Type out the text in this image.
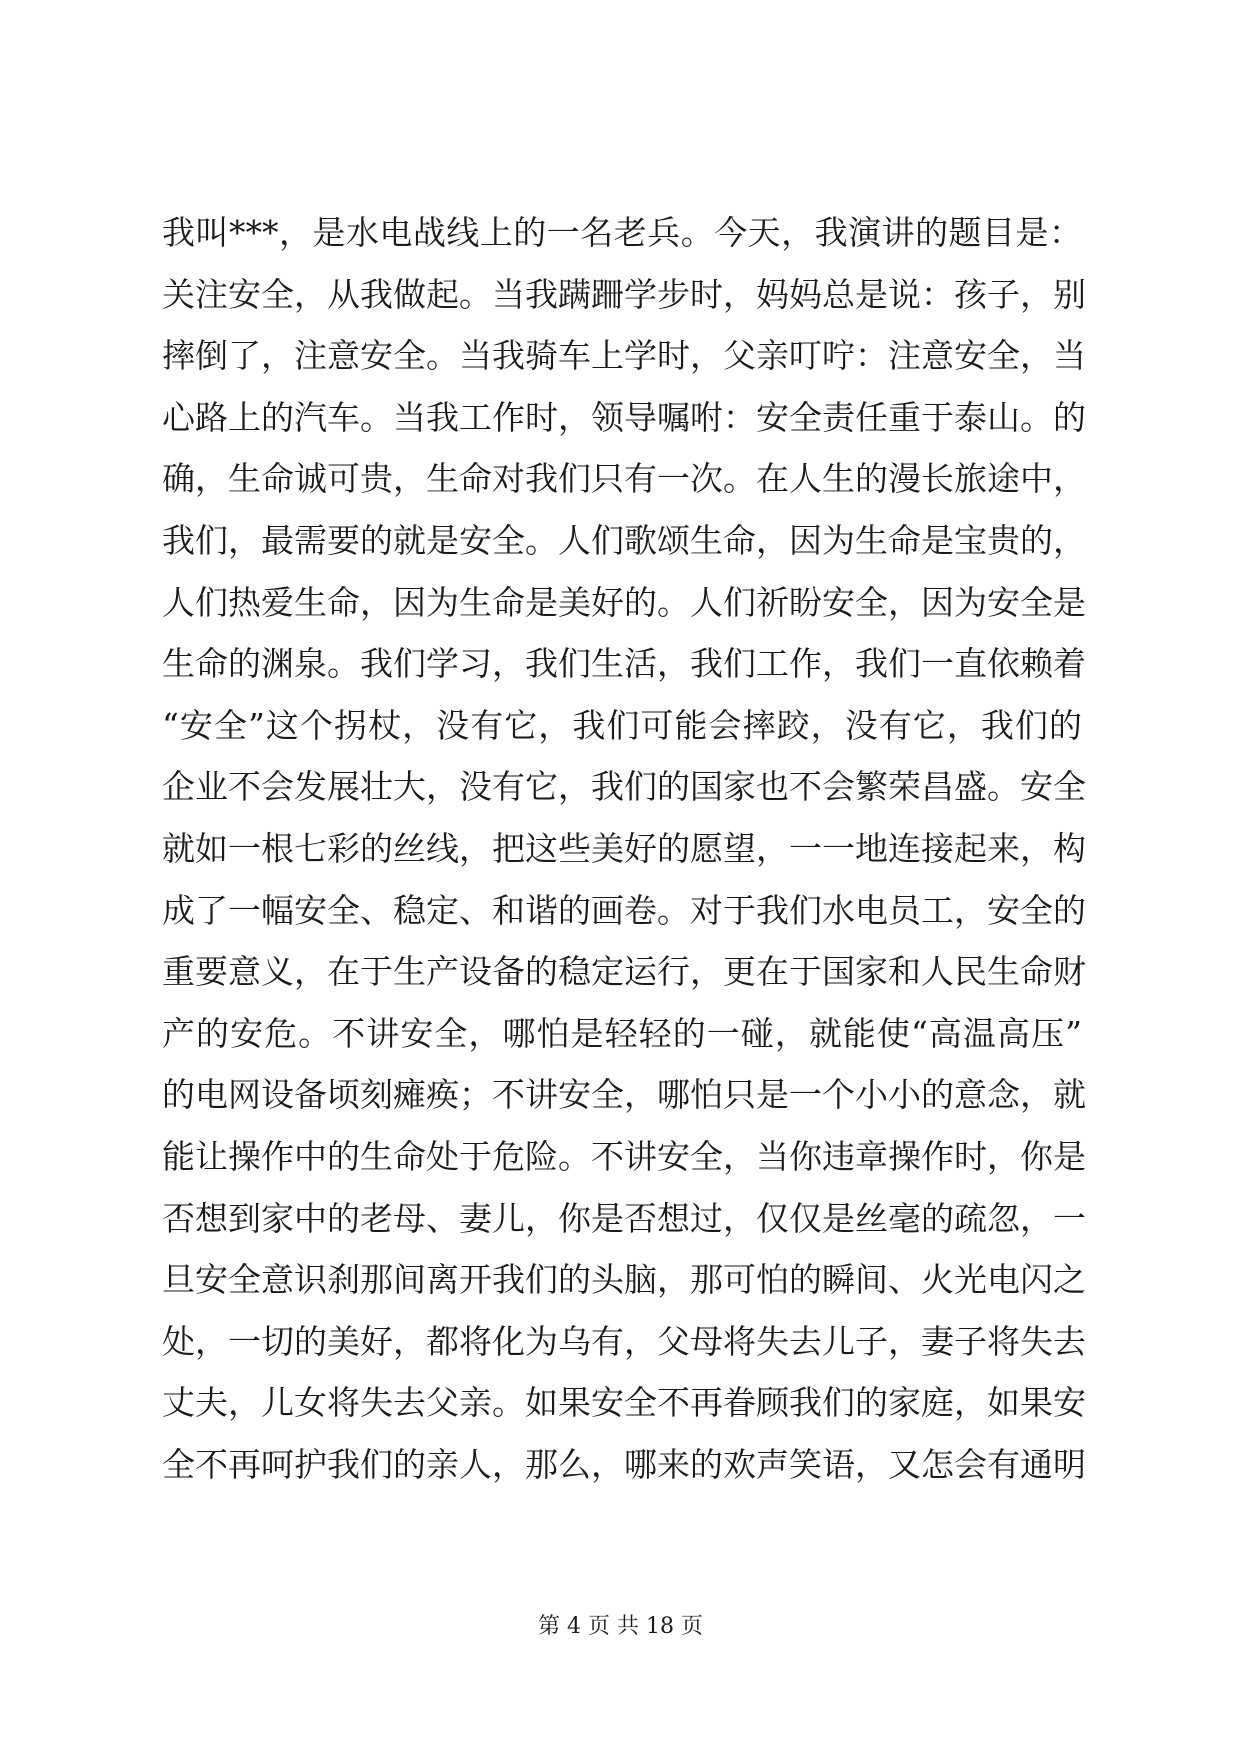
我叫***，是水电战线上的一名老兵。今天，我演讲的题目是：
关注安全，从我做起。当我蹒跚学步时，妈妈总是说：孩子，别
摔倒了，注意安全。当我骑车上学时，父亲叮咛：注意安全，当
心路上的汽车。当我工作时，领导嘱咐：安全责任重于泰山。的
确，生命诚可贵，生命对我们只有一次。在人生的漫长旅途中，
我们，最需要的就是安全。人们歌颂生命，因为生命是宝贵的，
人们热爱生命，因为生命是美好的。人们祈盼安全，因为安全是
生命的渊泉。我们学习，我们生活，我们工作，我们一直依赖着
“安全”这个拐杖，没有它，我们可能会摔跤，没有它，我们的
企业不会发展壮大，没有它，我们的国家也不会繁荣昌盛。安全
就如一根七彩的丝线，把这些美好的愿望，一一地连接起来，构
成了一幅安全、稳定、和谐的画卷。对于我们水电员工，安全的
重要意义，在于生产设备的稳定运行，更在于国家和人民生命财
产的安危。不讲安全，哪怕是轻轻的一碰，就能使“高温高压”
的电网设备顷刻瘫痪；不讲安全，哪怕只是一个小小的意念，就
能让操作中的生命处于危险。不讲安全，当你违章操作时，你是
否想到家中的老母、妻儿，你是否想过，仅仅是丝毫的疏忽，一
旦安全意识刹那间离开我们的头脑，那可怕的瞬间、火光电闪之
处，一切的美好，都将化为乌有，父母将失去儿子，妻子将失去
丈夫，儿女将失去父亲。如果安全不再眷顾我们的家庭，如果安
全不再呵护我们的亲人，那么，哪来的欢声笑语，又怎会有通明
第 4 页 共 18 页
